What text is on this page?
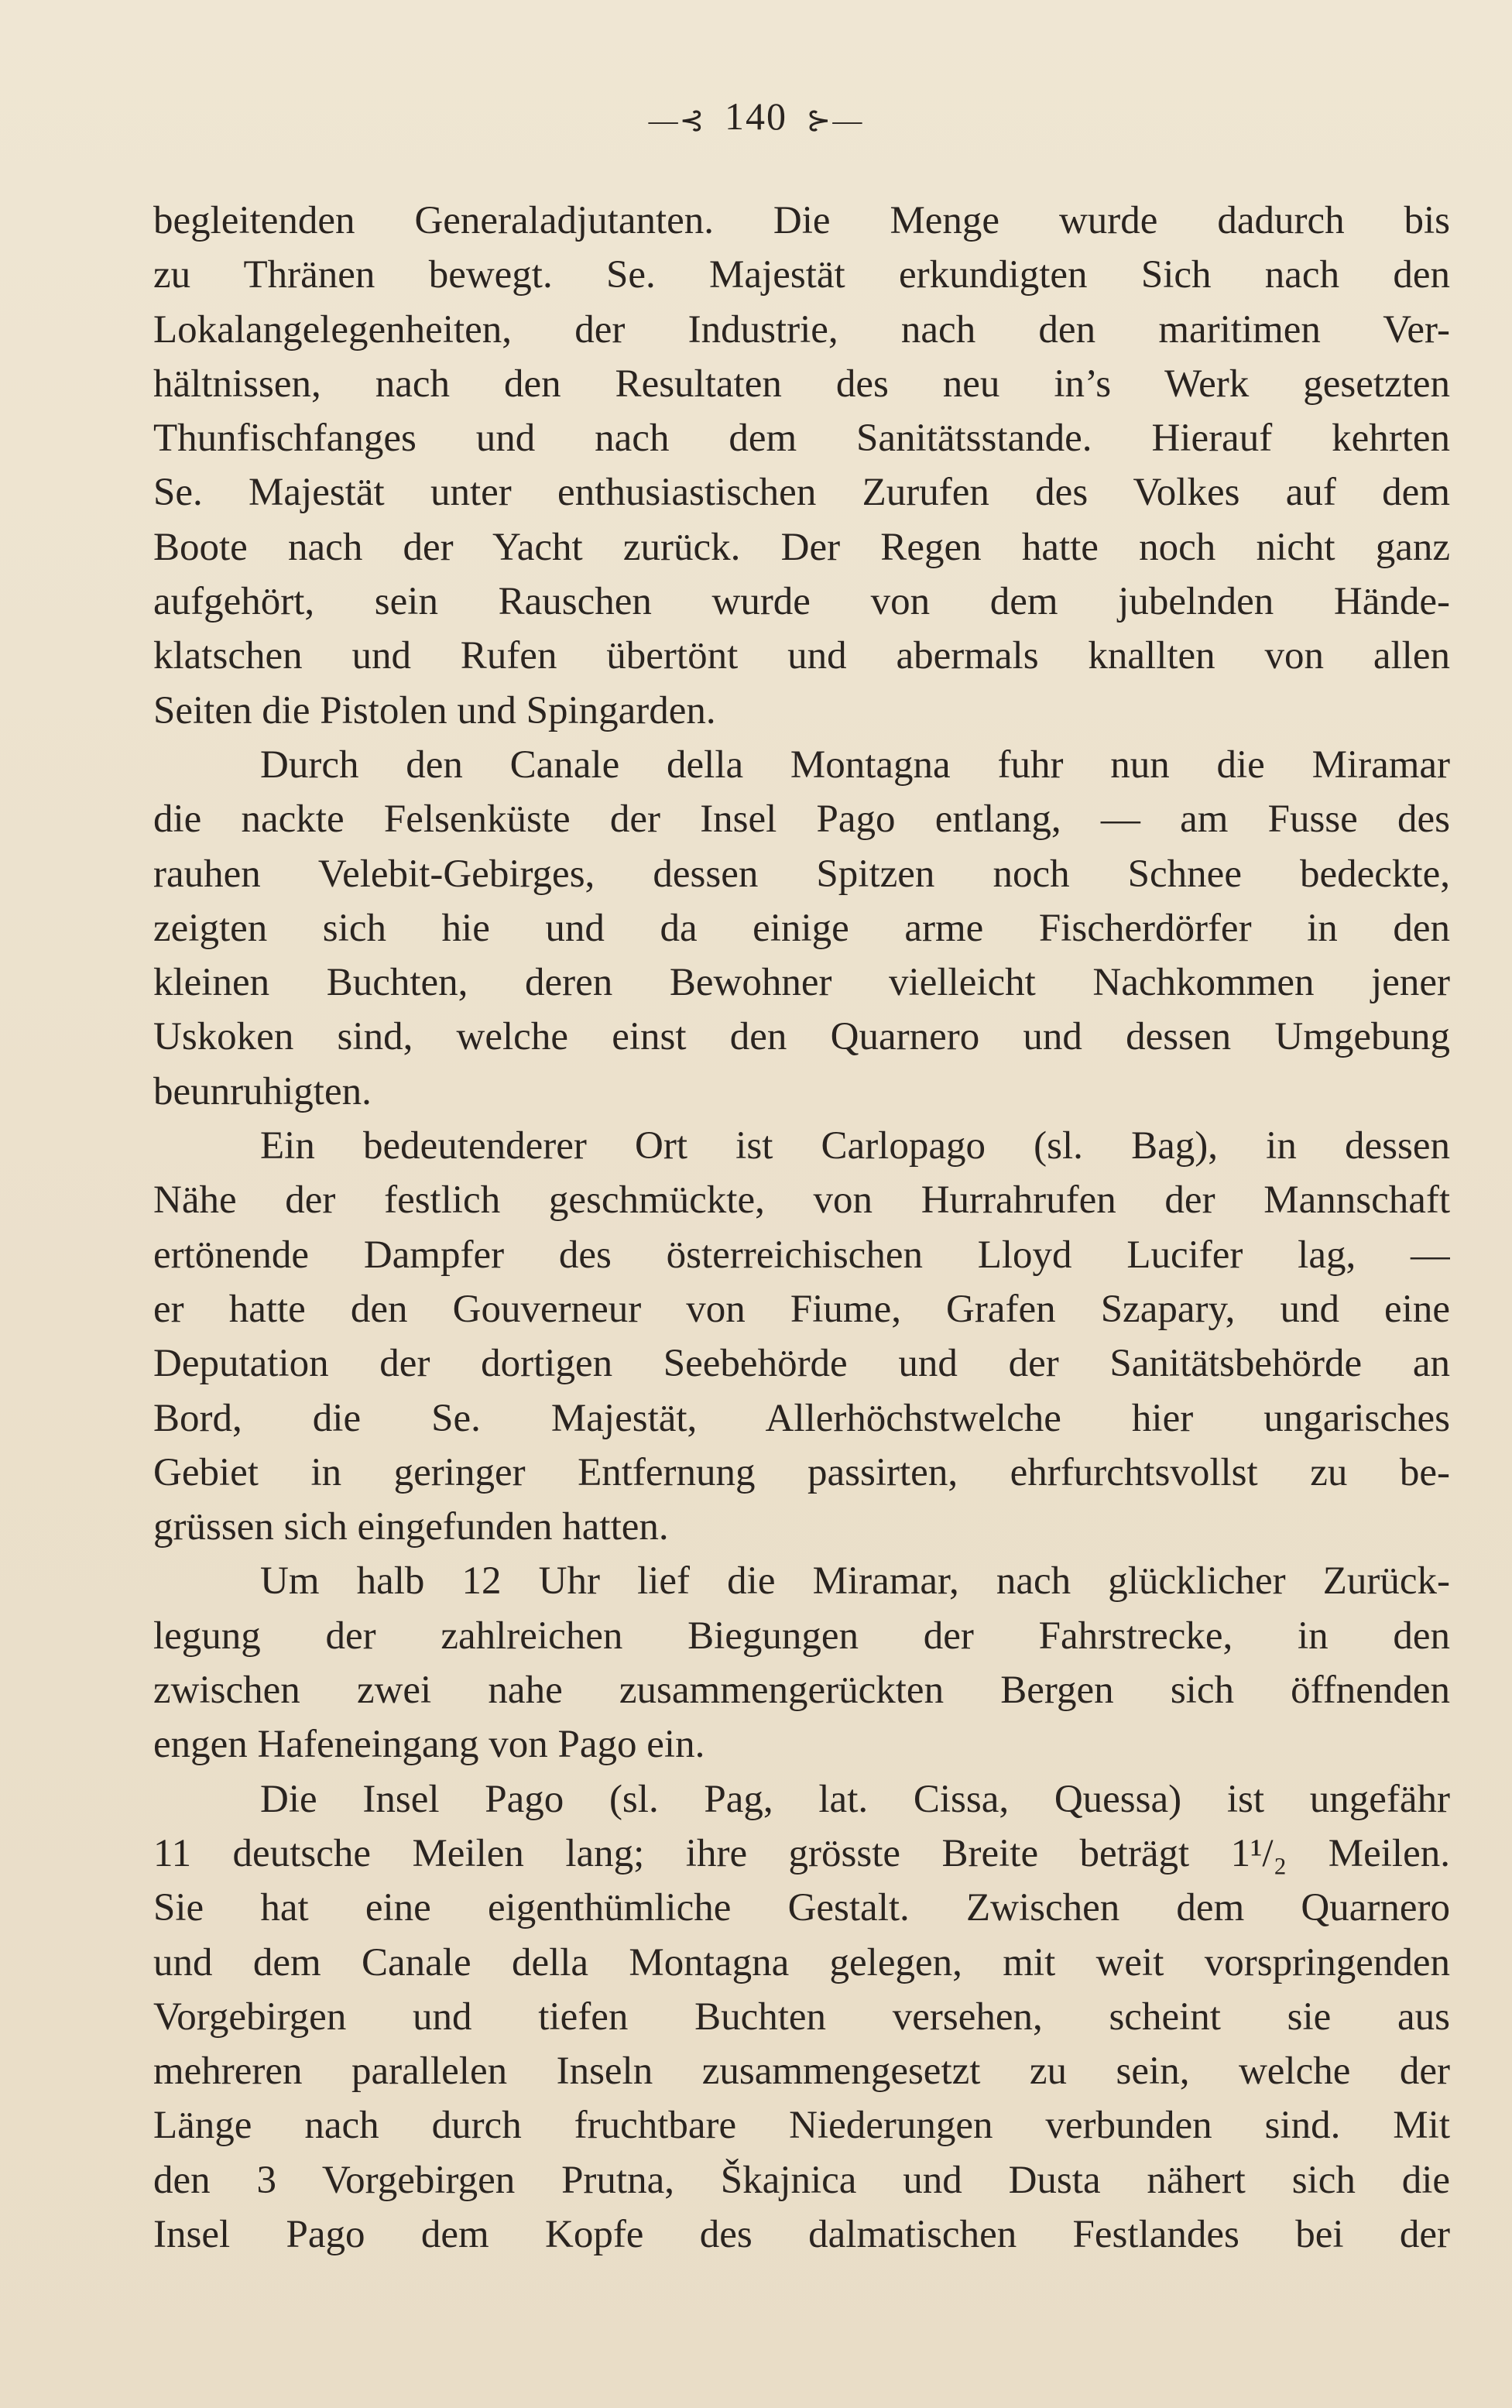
—⊰ 140 ⊱—
begleitenden Generaladjutanten. Die Menge wurde dadurch bis
zu Thränen bewegt. Se. Majestät erkundigten Sich nach den
Lokalangelegenheiten, der Industrie, nach den maritimen Ver-
hältnissen, nach den Resultaten des neu in’s Werk gesetzten
Thunfischfanges und nach dem Sanitätsstande. Hierauf kehrten
Se. Majestät unter enthusiastischen Zurufen des Volkes auf dem
Boote nach der Yacht zurück. Der Regen hatte noch nicht ganz
aufgehört, sein Rauschen wurde von dem jubelnden Hände-
klatschen und Rufen übertönt und abermals knallten von allen
Seiten die Pistolen und Spingarden.
Durch den Canale della Montagna fuhr nun die Miramar
die nackte Felsenküste der Insel Pago entlang, — am Fusse des
rauhen Velebit-Gebirges, dessen Spitzen noch Schnee bedeckte,
zeigten sich hie und da einige arme Fischerdörfer in den
kleinen Buchten, deren Bewohner vielleicht Nachkommen jener
Uskoken sind, welche einst den Quarnero und dessen Umgebung
beunruhigten.
Ein bedeutenderer Ort ist Carlopago (sl. Bag), in dessen
Nähe der festlich geschmückte, von Hurrahrufen der Mannschaft
ertönende Dampfer des österreichischen Lloyd Lucifer lag, —
er hatte den Gouverneur von Fiume, Grafen Szapary, und eine
Deputation der dortigen Seebehörde und der Sanitätsbehörde an
Bord, die Se. Majestät, Allerhöchstwelche hier ungarisches
Gebiet in geringer Entfernung passirten, ehrfurchtsvollst zu be-
grüssen sich eingefunden hatten.
Um halb 12 Uhr lief die Miramar, nach glücklicher Zurück-
legung der zahlreichen Biegungen der Fahrstrecke, in den
zwischen zwei nahe zusammengerückten Bergen sich öffnenden
engen Hafeneingang von Pago ein.
Die Insel Pago (sl. Pag, lat. Cissa, Quessa) ist ungefähr
11 deutsche Meilen lang; ihre grösste Breite beträgt 1¹/₂ Meilen.
Sie hat eine eigenthümliche Gestalt. Zwischen dem Quarnero
und dem Canale della Montagna gelegen, mit weit vorspringenden
Vorgebirgen und tiefen Buchten versehen, scheint sie aus
mehreren parallelen Inseln zusammengesetzt zu sein, welche der
Länge nach durch fruchtbare Niederungen verbunden sind. Mit
den 3 Vorgebirgen Prutna, Škajnica und Dusta nähert sich die
Insel Pago dem Kopfe des dalmatischen Festlandes bei der
